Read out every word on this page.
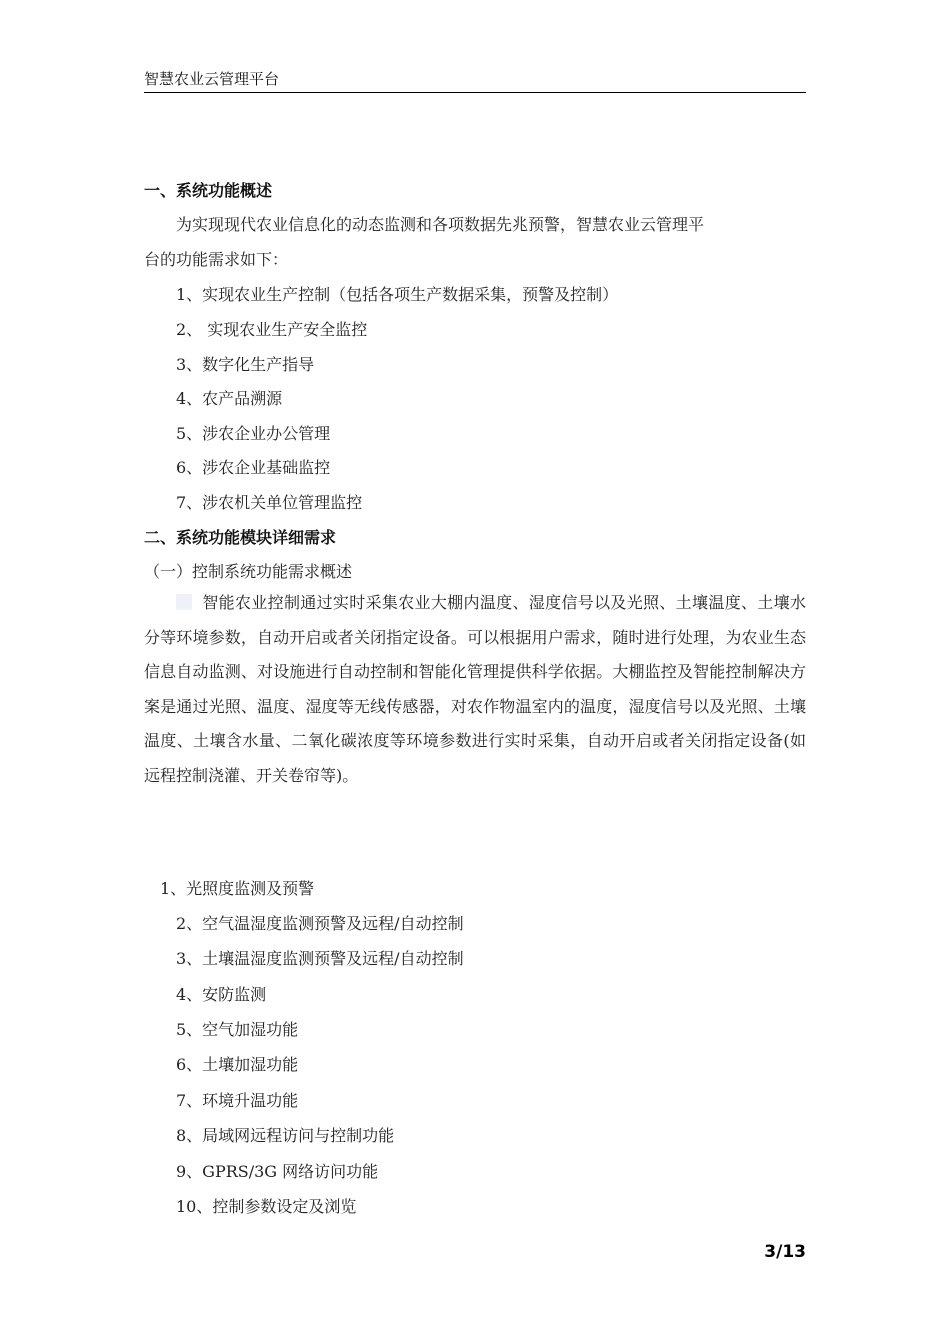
智慧农业云管理平台
一、系统功能概述
为实现现代农业信息化的动态监测和各项数据先兆预警，智慧农业云管理平
台的功能需求如下：
1、实现农业生产控制（包括各项生产数据采集，预警及控制）
2、 实现农业生产安全监控
3、数字化生产指导
4、农产品溯源
5、涉农企业办公管理
6、涉农企业基础监控
7、涉农机关单位管理监控
二、系统功能模块详细需求
（一）控制系统功能需求概述

智能农业控制通过实时采集农业大棚内温度、湿度信号以及光照、土壤温度、土壤水分等环境参数，自动开启或者关闭指定设备。可以根据用户需求，随时进行处理，为农业生态信息自动监测、对设施进行自动控制和智能化管理提供科学依据。大棚监控及智能控制解决方案是通过光照、温度、湿度等无线传感器，对农作物温室内的温度，湿度信号以及光照、土壤温度、土壤含水量、二氧化碳浓度等环境参数进行实时采集，自动开启或者关闭指定设备(如远程控制浇灌、开关卷帘等)。

1、光照度监测及预警
2、空气温湿度监测预警及远程/自动控制
3、土壤温湿度监测预警及远程/自动控制
4、安防监测
5、空气加湿功能
6、土壤加湿功能
7、环境升温功能
8、局域网远程访问与控制功能
9、GPRS/3G 网络访问功能
10、控制参数设定及浏览
3/13
